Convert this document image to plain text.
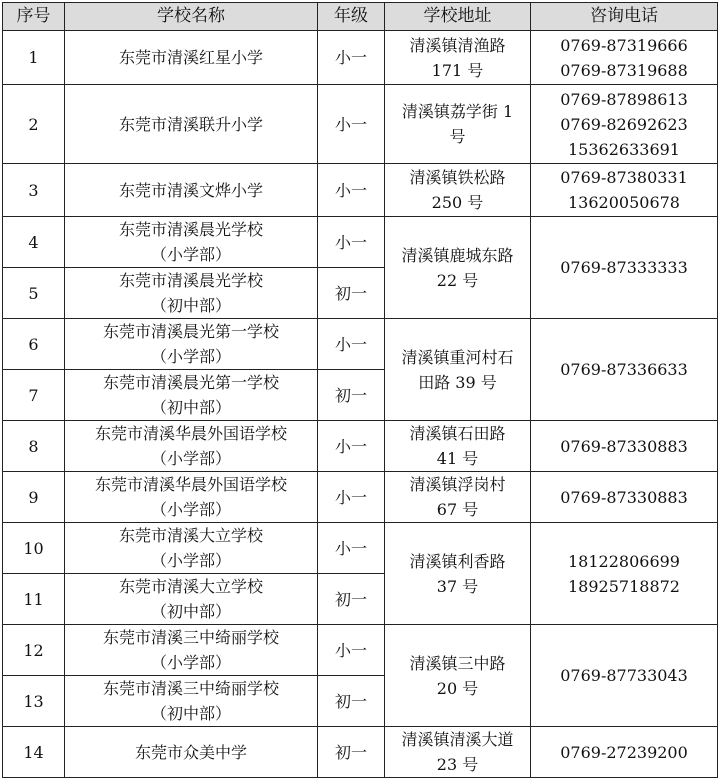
序号	学校名称	年级	学校地址	咨询电话
1	东莞市清溪红星小学	小一	清溪镇清渔路
171 号	0769-87319666
0769-87319688

2	东莞市清溪联升小学	小一	清溪镇荔学街 1
号	0769-87898613
0769-82692623
15362633691

3	东莞市清溪文烨小学	小一	清溪镇铁松路
250 号	0769-87380331
13620050678

4	东莞市清溪晨光学校
（小学部）	小一	清溪镇鹿城东路
22 号	0769-87333333

5	东莞市清溪晨光学校
（初中部）	初一		
6	东莞市清溪晨光第一学校
（小学部）	小一	清溪镇重河村石
田路 39 号	0769-87336633

7	东莞市清溪晨光第一学校
（初中部）	初一		
8	东莞市清溪华晨外国语学校
（小学部）	小一	清溪镇石田路
41 号	0769-87330883

9	东莞市清溪华晨外国语学校
（小学部）	小一	清溪镇浮岗村
67 号	0769-87330883

10	东莞市清溪大立学校
（小学部）	小一	清溪镇利香路
37 号	18122806699
18925718872

11	东莞市清溪大立学校
（初中部）	初一		
12	东莞市清溪三中绮丽学校
（小学部）	小一	清溪镇三中路
20 号	0769-87733043

13	东莞市清溪三中绮丽学校
（初中部）	初一		
14	东莞市众美中学	初一	清溪镇清溪大道
23 号	0769-27239200
